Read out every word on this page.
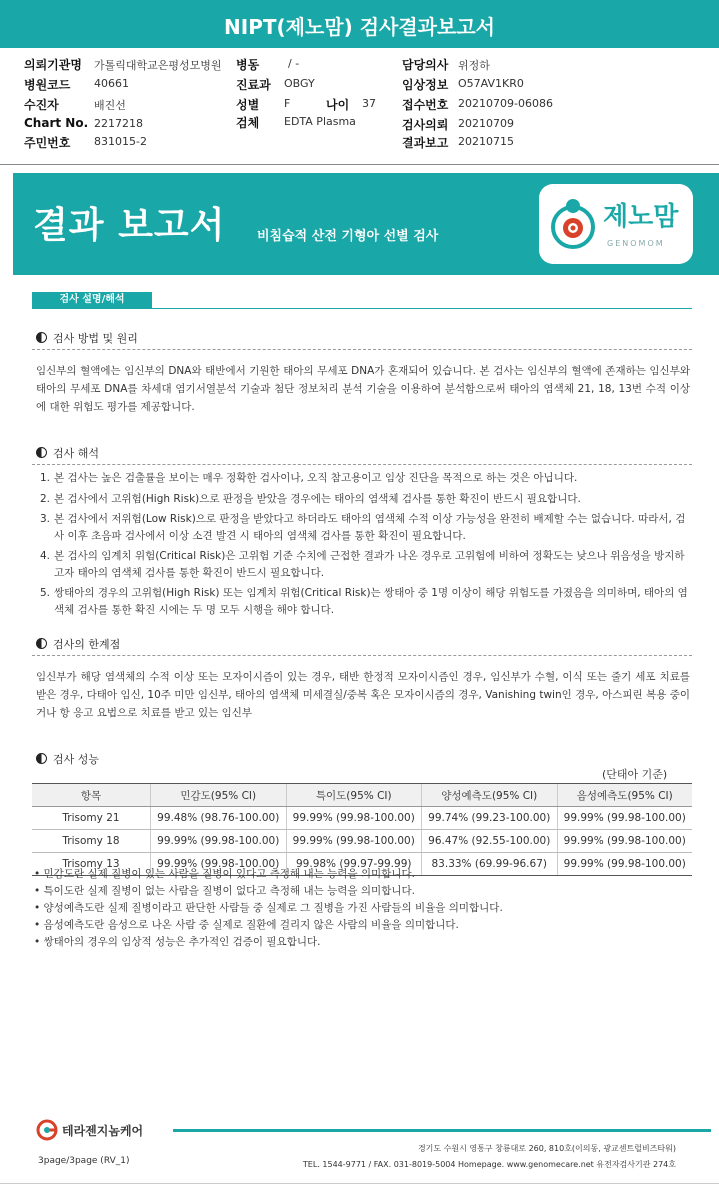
NIPT(제노맘) 검사결과보고서
의뢰기관명 가톨릭대학교은평성모병원 병동	/ -	담당의사 위정하
병원코드 40661	진료과 OBGY	임상정보 O57AV1KR0
수진자	배진선	성별 F	나이 37 접수번호 20210709-06086
Chart No. 2217218	검체 EDTA Plasma	검사의뢰 20210709
주민번호 831015-2	결과보고 20210715
결과 보고서 비침습적 산전 기형아 선별 검사
제노맘
GENOMOM
검사 설명/해석
검사 방법 및 원리
임신부의 혈액에는 임신부의 DNA와 태반에서 기원한 태아의 무세포 DNA가 혼재되어 있습니다. 본 검사는 임신부의 혈액에 존재하는 임신부와 태아의 무세포 DNA를 차세대 염기서열분석 기술과 첨단 정보처리 분석 기술을 이용하여 분석함으로써 태아의 염색체 21, 18, 13번 수적 이상에 대한 위험도 평가를 제공합니다.
검사 해석
1. 본 검사는 높은 검출률을 보이는 매우 정확한 검사이나, 오직 참고용이고 임상 진단을 목적으로 하는 것은 아닙니다.
2. 본 검사에서 고위험(High Risk)으로 판정을 받았을 경우에는 태아의 염색체 검사를 통한 확진이 반드시 필요합니다.
3. 본 검사에서 저위험(Low Risk)으로 판정을 받았다고 하더라도 태아의 염색체 수적 이상 가능성을 완전히 배제할 수는 없습니다. 따라서, 검사 이후 초음파 검사에서 이상 소견 발견 시 태아의 염색체 검사를 통한 확진이 필요합니다.
4. 본 검사의 임계치 위험(Critical Risk)은 고위험 기준 수치에 근접한 결과가 나온 경우로 고위험에 비하여 정확도는 낮으나 위음성을 방지하고자 태아의 염색체 검사를 통한 확진이 반드시 필요합니다.
5. 쌍태아의 경우의 고위험(High Risk) 또는 임계치 위험(Critical Risk)는 쌍태아 중 1명 이상이 해당 위험도를 가졌음을 의미하며, 태아의 염색체 검사를 통한 확진 시에는 두 명 모두 시행을 해야 합니다.
검사의 한계점
임신부가 해당 염색체의 수적 이상 또는 모자이시즘이 있는 경우, 태반 한정적 모자이시즘인 경우, 임신부가 수혈, 이식 또는 줄기 세포 치료를 받은 경우, 다태아 임신, 10주 미만 임신부, 태아의 염색체 미세결실/중복 혹은 모자이시즘의 경우, Vanishing twin인 경우, 아스피린 복용 중이거나 항 응고 요법으로 치료를 받고 있는 임신부
검사 성능
(단태아 기준)
항목	민감도(95% CI)	특이도(95% CI)	양성예측도(95% CI)	음성예측도(95% CI)
Trisomy 21	99.48% (98.76-100.00)	99.99% (99.98-100.00)	99.74% (99.23-100.00)	99.99% (99.98-100.00)
Trisomy 18	99.99% (99.98-100.00)	99.99% (99.98-100.00)	96.47% (92.55-100.00)	99.99% (99.98-100.00)
Trisomy 13	99.99% (99.98-100.00)	99.98% (99.97-99.99)	83.33% (69.99-96.67)	99.99% (99.98-100.00)
• 민감도란 실제 질병이 있는 사람을 질병이 있다고 측정해 내는 능력을 의미합니다.
• 특이도란 실제 질병이 없는 사람을 질병이 없다고 측정해 내는 능력을 의미합니다.
• 양성예측도란 실제 질병이라고 판단한 사람들 중 실제로 그 질병을 가진 사람들의 비율을 의미합니다.
• 음성예측도란 음성으로 나온 사람 중 실제로 질환에 걸리지 않은 사람의 비율을 의미합니다.
• 쌍태아의 경우의 임상적 성능은 추가적인 검증이 필요합니다.
테라젠지놈케어
3page/3page (RV_1)
경기도 수원시 영통구 창룡대로 260, 810호(이의동, 광교센트럴비즈타워)
TEL. 1544-9771 / FAX. 031-8019-5004 Homepage. www.genomecare.net 유전자검사기관 274호
